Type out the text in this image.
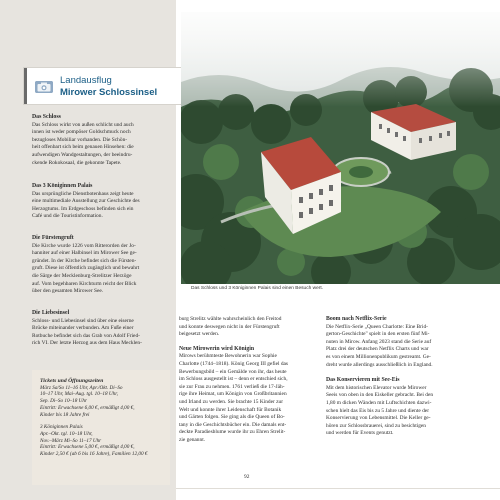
Das Schloss

Das Schloss wirkt von außen schlicht und auch

innen ist weder pompöser Goldschmuck noch

bezugloses Mobiliar vorhanden. Die Schön-

heit offenbart sich beim genauen Hinsehen: die

aufwendigen Wandgestaltungen, der beeindru-

ckende Rokokosaal, die gekonnte Tapete.

Das 3 Königinnen Palais

Das ursprüngliche Dienstbotenhaus zeigt heute

eine multimediale Ausstellung zur Geschichte des

Herzogtums. Im Erdgeschoss befinden sich ein

Café und die Touristinformation.

Die Fürstengruft

Die Kirche wurde 1226 vom Ritterorden der Jo-

hanniter auf einer Halbinsel im Mirower See ge-

gründet. In der Kirche befindet sich die Fürsten-

gruft. Diese ist öffentlich zugänglich und bewahrt

die Särge der Mecklenburg-Strelitzer Herzöge

auf. Vom begehbaren Kirchturm reicht der Blick

über den gesamten Mirower See.

Die Liebesinsel

Schloss- und Liebesinsel sind über eine eiserne

Brücke miteinander verbunden. Am Fuße einer

Rotbuche befindet sich das Grab von Adolf Fried-

rich VI. Der letzte Herzog aus dem Haus Mecklen-

Landausflug
Mirower Schlossinsel
Das Schloss und 3 Königinnen Palais sind einen Besuch wert.
Tickets und Öffnungszeiten
März Sa/So 11–16 Uhr, Apr./Okt. Di–So
10–17 Uhr, Mai–Aug. tgl. 10–18 Uhr,
Sep. Di–So 10–18 Uhr
Eintritt: Erwachsene 6,00 €, ermäßigt 4,00 €,
Kinder bis 18 Jahre frei
3 Königinnen Palais
Apr.–Okt. tgl. 10–18 Uhr,
Nov.–März Mi–So 11–17 Uhr
Eintritt: Erwachsene 5,00 €, ermäßigt 4,00 €,
Kinder 2,50 € (ab 6 bis 16 Jahre), Familien 12,00 €

burg Strelitz wählte wahrscheinlich den Freitod

und konnte deswegen nicht in der Fürstengruft

beigesetzt werden.

Neue Mirowerin wird Königin

Mirows berühmteste Bewohnerin war Sophie

Charlotte (1744–1818). König Georg III gefiel das

Bewerbungsbild – ein Gemälde von ihr, das heute

im Schloss ausgestellt ist – denn er entschied sich,

sie zur Frau zu nehmen. 1761 verließ die 17-Jäh-

rige ihre Heimat, um Königin von Großbritannien

und Irland zu werden. Sie brachte 15 Kinder zur

Welt und konnte ihrer Leidenschaft für Botanik

und Gärten folgen. Sie ging als die Queen of Bo-

tany in die Geschichtsbücher ein. Die damals ent-

deckte Paradiesblume wurde ihr zu Ehren Strelit-

zie genannt.

Boom nach Netflix-Serie

Die Netflix-Serie „Queen Charlotte: Eine Brid-

gerton-Geschichte" spielt in den ersten fünf Mi-

nuten in Mirow. Anfang 2023 stand die Serie auf

Platz drei der deutschen Netflix Charts und war

es von einem Millionenpublikum gestreamt. Ge-

dreht wurde allerdings ausschließlich in England.

Das Konservieren mit See-Eis

Mit dem historischen Elevator wurde Mirower

Seeis von oben in den Eiskeller gebracht. Bei den

1,80 m dicken Wänden mit Luftschichten dazwi-

schen hielt das Eis bis zu 5 Jahre und diente der

Konservierung von Lebensmittel. Die Keller ge-

hören zur Schlossbrauerei, sind zu besichtigen

und werden für Events genutzt.

92
